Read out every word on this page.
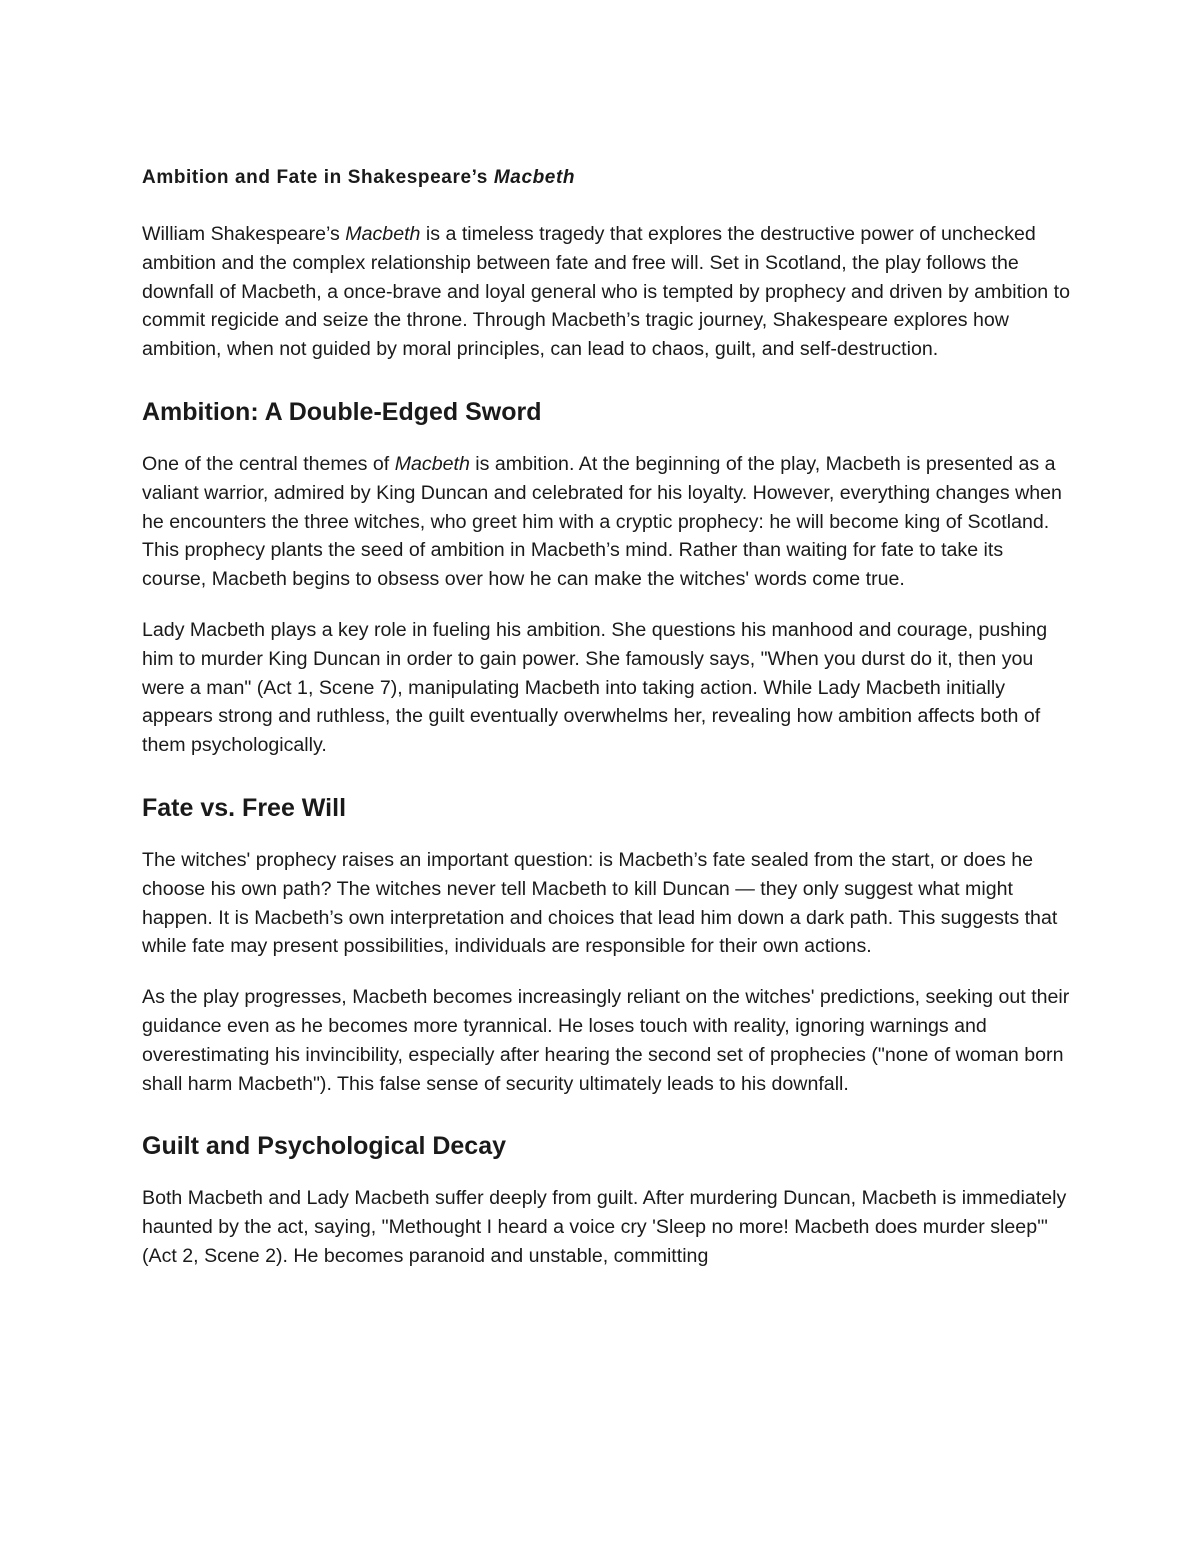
Ambition and Fate in Shakespeare’s Macbeth

William Shakespeare’s Macbeth is a timeless tragedy that explores the destructive power of unchecked ambition and the complex relationship between fate and free will. Set in Scotland, the play follows the downfall of Macbeth, a once-brave and loyal general who is tempted by prophecy and driven by ambition to commit regicide and seize the throne. Through Macbeth’s tragic journey, Shakespeare explores how ambition, when not guided by moral principles, can lead to chaos, guilt, and self-destruction.

Ambition: A Double-Edged Sword

One of the central themes of Macbeth is ambition. At the beginning of the play, Macbeth is presented as a valiant warrior, admired by King Duncan and celebrated for his loyalty. However, everything changes when he encounters the three witches, who greet him with a cryptic prophecy: he will become king of Scotland. This prophecy plants the seed of ambition in Macbeth’s mind. Rather than waiting for fate to take its course, Macbeth begins to obsess over how he can make the witches' words come true.

Lady Macbeth plays a key role in fueling his ambition. She questions his manhood and courage, pushing him to murder King Duncan in order to gain power. She famously says, "When you durst do it, then you were a man" (Act 1, Scene 7), manipulating Macbeth into taking action. While Lady Macbeth initially appears strong and ruthless, the guilt eventually overwhelms her, revealing how ambition affects both of them psychologically.

Fate vs. Free Will

The witches' prophecy raises an important question: is Macbeth’s fate sealed from the start, or does he choose his own path? The witches never tell Macbeth to kill Duncan — they only suggest what might happen. It is Macbeth’s own interpretation and choices that lead him down a dark path. This suggests that while fate may present possibilities, individuals are responsible for their own actions.

As the play progresses, Macbeth becomes increasingly reliant on the witches' predictions, seeking out their guidance even as he becomes more tyrannical. He loses touch with reality, ignoring warnings and overestimating his invincibility, especially after hearing the second set of prophecies ("none of woman born shall harm Macbeth"). This false sense of security ultimately leads to his downfall.

Guilt and Psychological Decay

Both Macbeth and Lady Macbeth suffer deeply from guilt. After murdering Duncan, Macbeth is immediately haunted by the act, saying, "Methought I heard a voice cry 'Sleep no more! Macbeth does murder sleep'" (Act 2, Scene 2). He becomes paranoid and unstable, committing
